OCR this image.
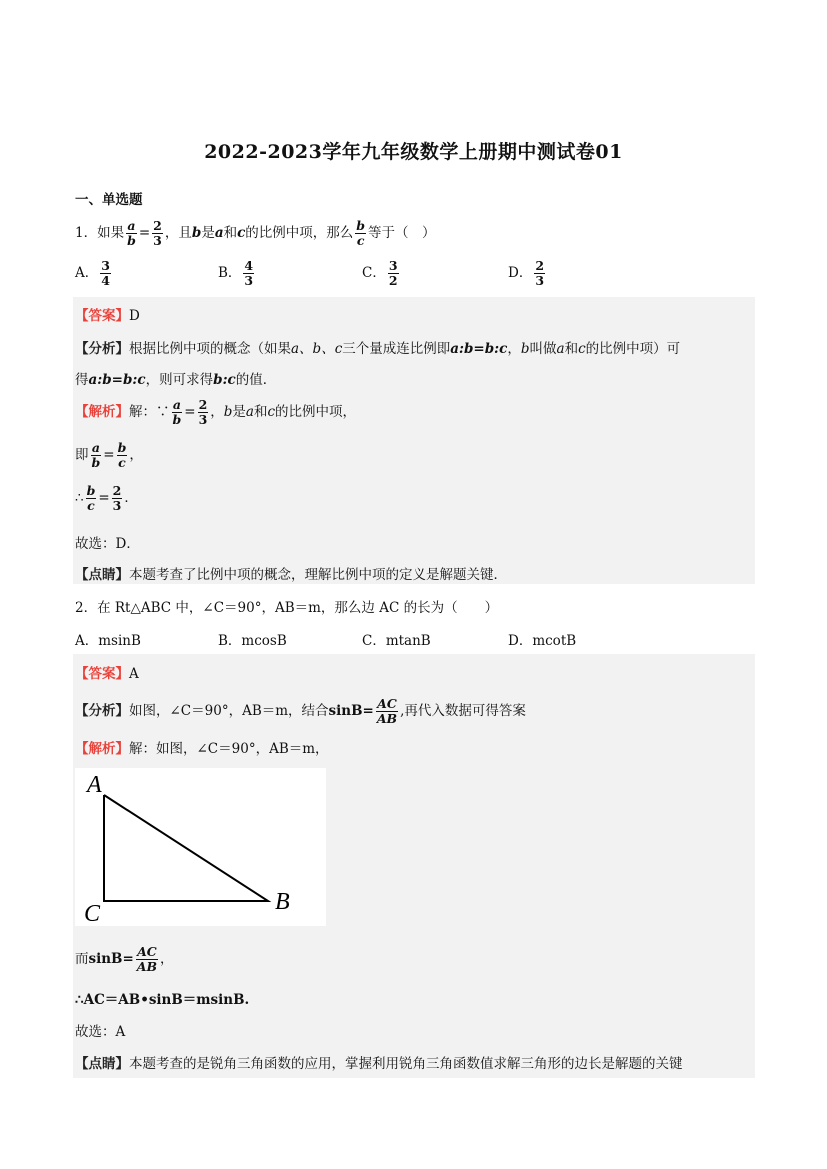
2022-2023学年九年级数学上册期中测试卷01
一、单选题
1．如果 $\frac{a}{b} = \frac{2}{3}$ ，且b是a和c的比例中项，那么 $\frac{b}{c}$ 等于（　）
A． $\frac{3}{4}$	B． $\frac{4}{3}$	C． $\frac{3}{2}$	D． $\frac{2}{3}$
【答案】D
【分析】根据比例中项的概念（如果a、b、c三个量成连比例即a:b=b:c，b叫做a和c的比例中项）可
得a:b=b:c，则可求得b:c的值．
【解析】解：∵ $\frac{a}{b} = \frac{2}{3}$ ，b是a和c的比例中项，
即 $\frac{a}{b} = \frac{b}{c}$ ，
∴ $\frac{b}{c} = \frac{2}{3}$ ．
故选：D．
【点睛】本题考查了比例中项的概念，理解比例中项的定义是解题关键．
2．在 Rt△ABC 中，∠C＝90°，AB＝m，那么边 AC 的长为（　　）
A．msinB	B．mcosB	C．mtanB	D．mcotB
【答案】A
【分析】如图，∠C＝90°，AB＝m，结合$\sin B= \frac{AC}{AB}$ ,再代入数据可得答案
【解析】解：如图，∠C＝90°，AB＝m，
A
C	B
而$\sin B= \frac{AC}{AB}$ ，
∴AC＝AB•sinB＝msinB.
故选：A
【点睛】本题考查的是锐角三角函数的应用，掌握利用锐角三角函数值求解三角形的边长是解题的关键
